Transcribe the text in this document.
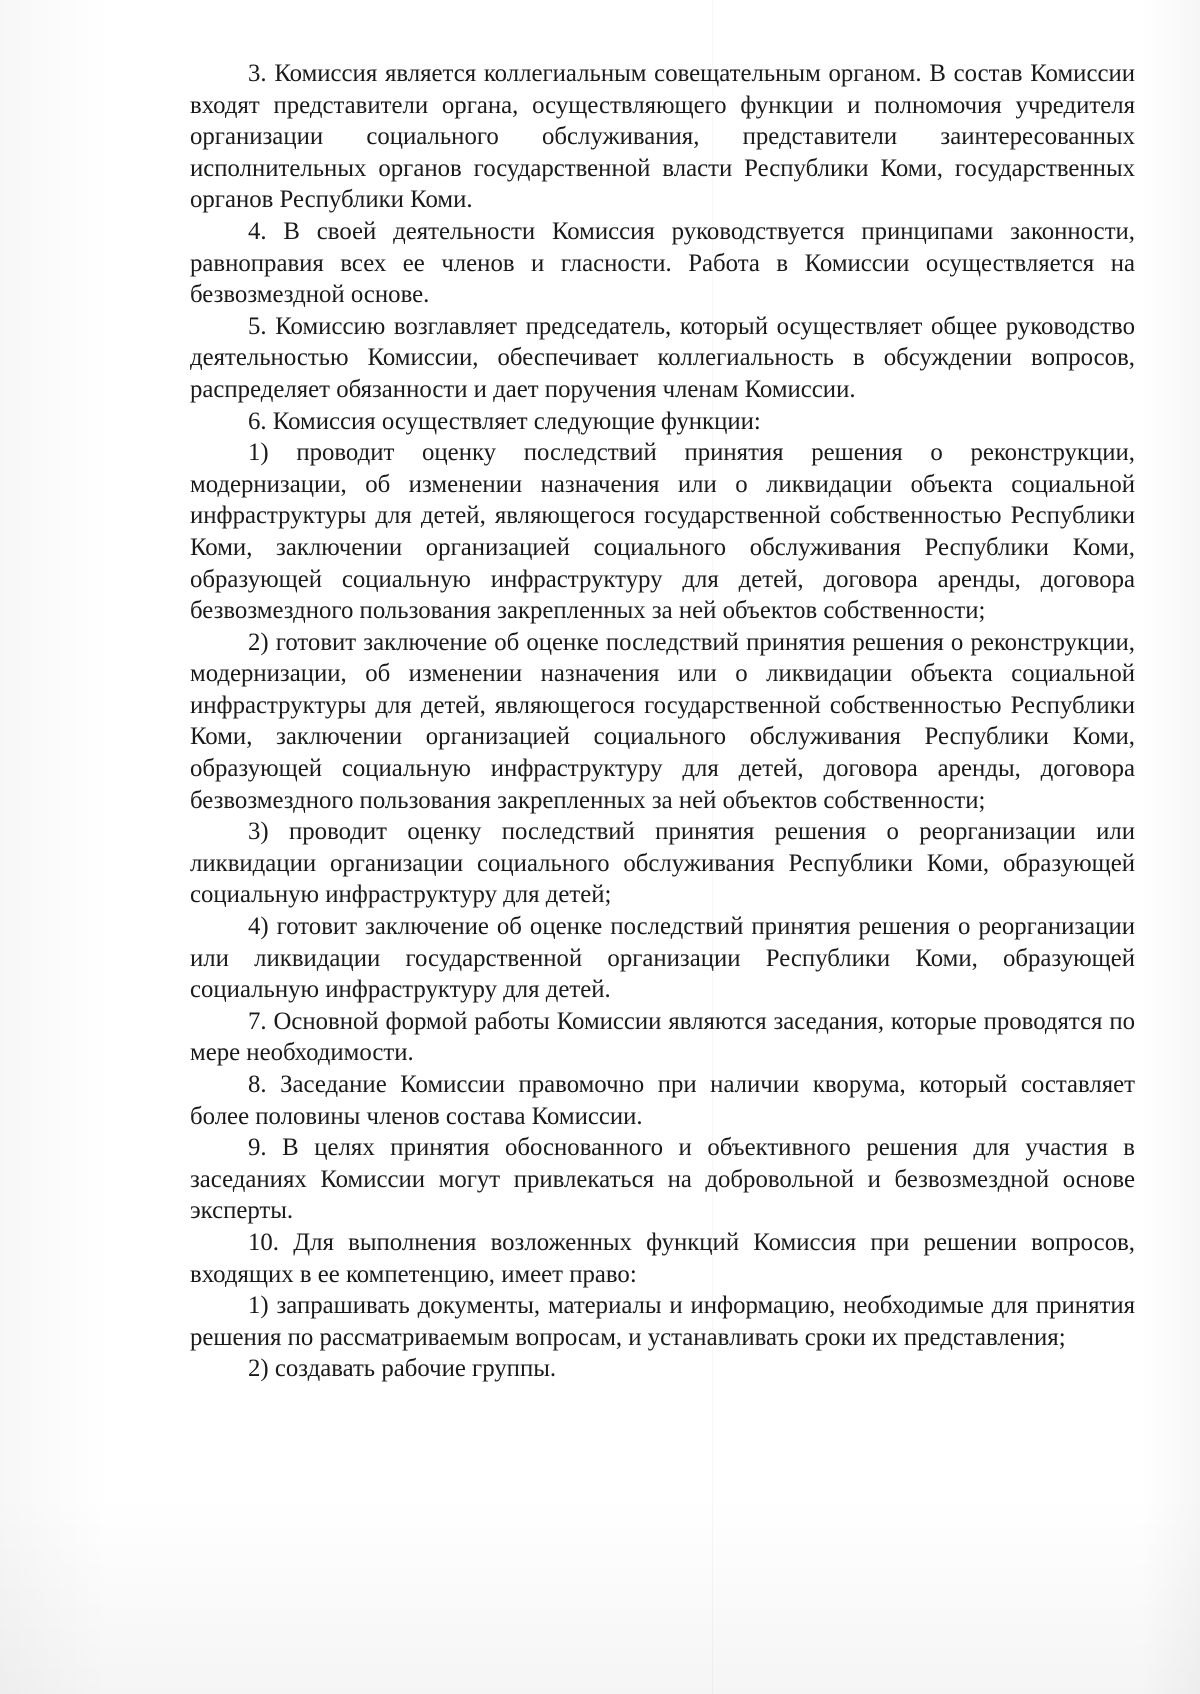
3. Комиссия является коллегиальным совещательным органом. В состав Комиссии входят представители органа, осуществляющего функции и полномочия учредителя организации социального обслуживания, представители заинтересованных исполнительных органов государственной власти Республики Коми, государственных органов Республики Коми.

4. В своей деятельности Комиссия руководствуется принципами законности, равноправия всех ее членов и гласности. Работа в Комиссии осуществляется на безвозмездной основе.

5. Комиссию возглавляет председатель, который осуществляет общее руководство деятельностью Комиссии, обеспечивает коллегиальность в обсуждении вопросов, распределяет обязанности и дает поручения членам Комиссии.

6. Комиссия осуществляет следующие функции:

1) проводит оценку последствий принятия решения о реконструкции, модернизации, об изменении назначения или о ликвидации объекта социальной инфраструктуры для детей, являющегося государственной собственностью Республики Коми, заключении организацией социального обслуживания Республики Коми, образующей социальную инфраструктуру для детей, договора аренды, договора безвозмездного пользования закрепленных за ней объектов собственности;

2) готовит заключение об оценке последствий принятия решения о реконструкции, модернизации, об изменении назначения или о ликвидации объекта социальной инфраструктуры для детей, являющегося государственной собственностью Республики Коми, заключении организацией социального обслуживания Республики Коми, образующей социальную инфраструктуру для детей, договора аренды, договора безвозмездного пользования закрепленных за ней объектов собственности;

3) проводит оценку последствий принятия решения о реорганизации или ликвидации организации социального обслуживания Республики Коми, образующей социальную инфраструктуру для детей;

4) готовит заключение об оценке последствий принятия решения о реорганизации или ликвидации государственной организации Республики Коми, образующей социальную инфраструктуру для детей.

7. Основной формой работы Комиссии являются заседания, которые проводятся по мере необходимости.

8. Заседание Комиссии правомочно при наличии кворума, который составляет более половины членов состава Комиссии.

9. В целях принятия обоснованного и объективного решения для участия в заседаниях Комиссии могут привлекаться на добровольной и безвозмездной основе эксперты.

10. Для выполнения возложенных функций Комиссия при решении вопросов, входящих в ее компетенцию, имеет право:

1) запрашивать документы, материалы и информацию, необходимые для принятия решения по рассматриваемым вопросам, и устанавливать сроки их представления;

2) создавать рабочие группы.
